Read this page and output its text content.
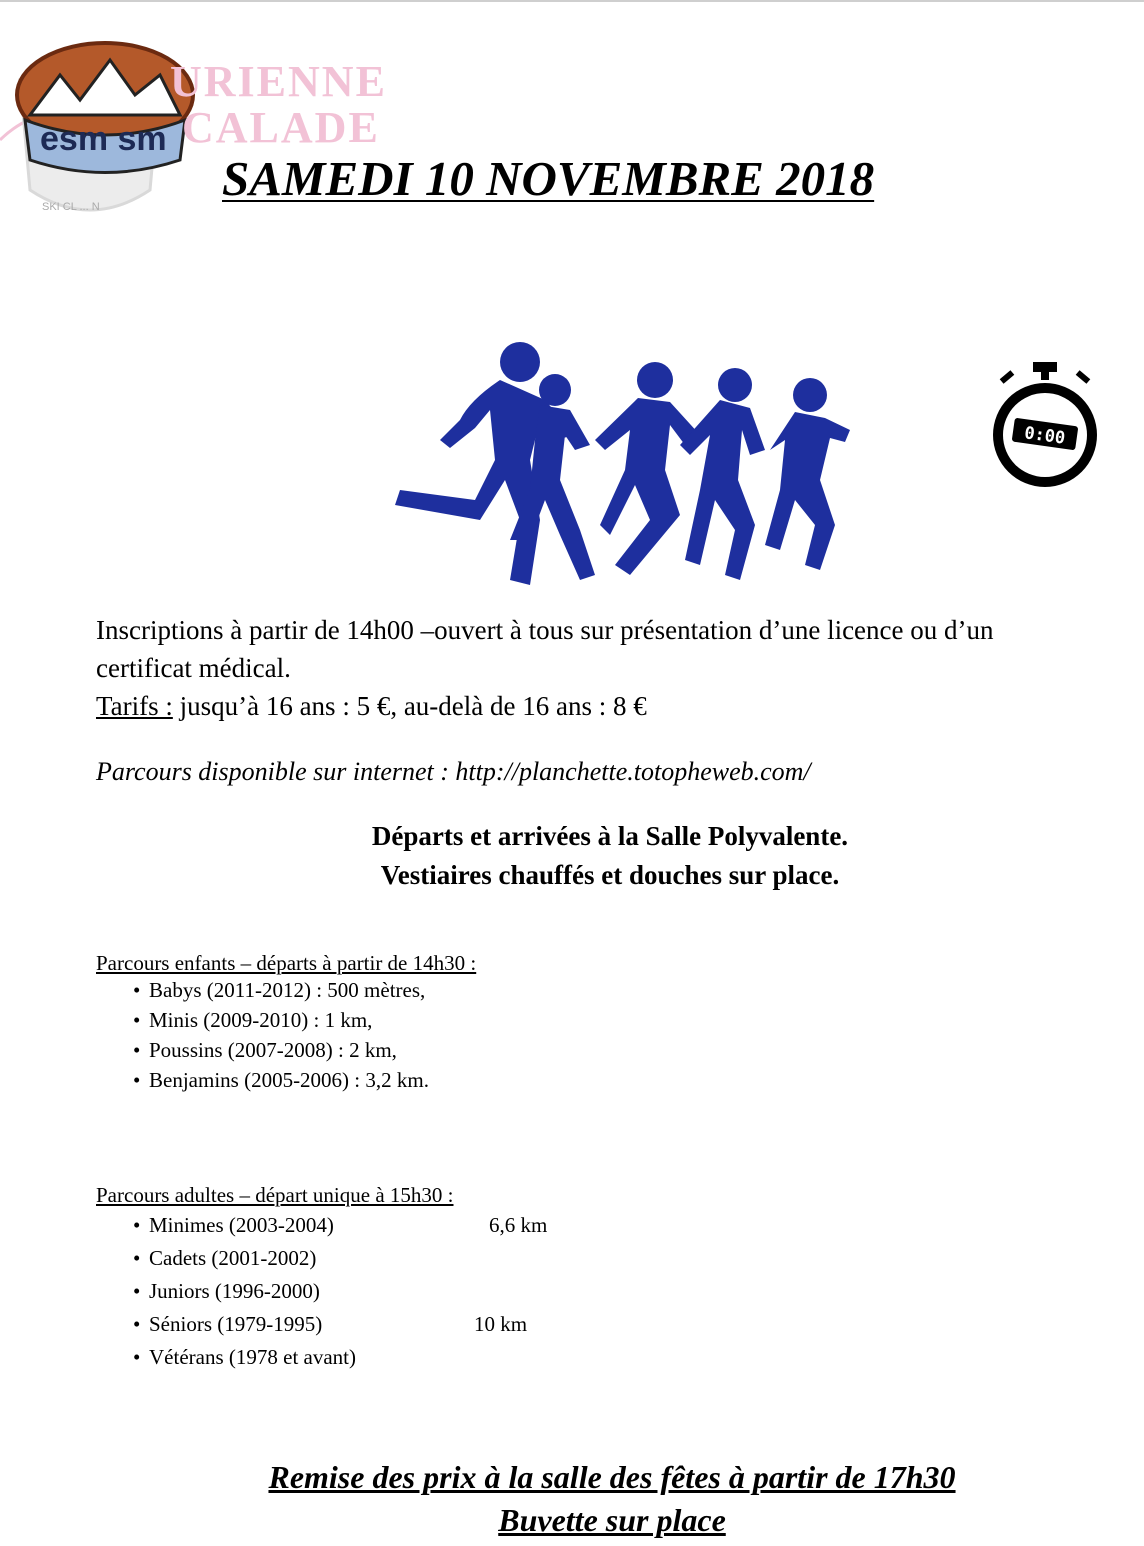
esm sm
SKI CL ... N
URIENNE
CALADE
SAMEDI 10 NOVEMBRE 2018
0:00

Inscriptions à partir de 14h00 –ouvert à tous sur présentation d’une licence ou d’un
certificat médical.

Tarifs : jusqu’à 16 ans : 5 €, au-delà de 16 ans : 8 €

Parcours disponible sur internet : http://planchette.totopheweb.com/

Départs et arrivées à la Salle Polyvalente.

Vestiaires chauffés et douches sur place.

Parcours enfants – départs à partir de 14h30 :

• Babys (2011-2012) : 500 mètres,
• Minis (2009-2010) : 1 km,
• Poussins (2007-2008) : 2 km,
• Benjamins (2005-2006) : 3,2 km.

Parcours adultes – départ unique à 15h30 :

• Minimes (2003-2004)	6,6 km
• Cadets (2001-2002)
• Juniors (1996-2000)
• Séniors (1979-1995)	10 km
• Vétérans (1978 et avant)

Remise des prix à la salle des fêtes à partir de 17h30

Buvette sur place
